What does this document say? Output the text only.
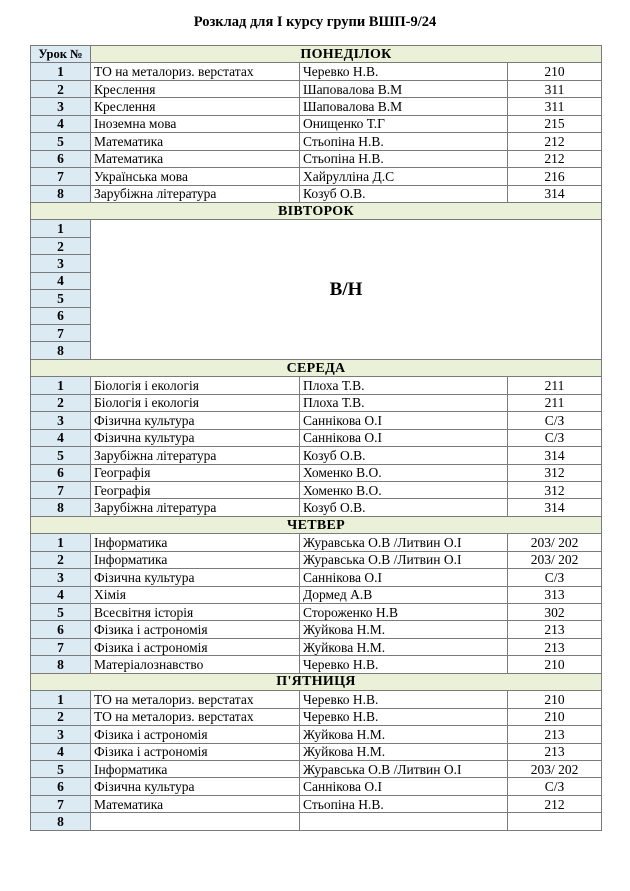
Розклад для І курсу групи ВШП-9/24
Урок №	ПОНЕДІЛОК		
1	ТО на металориз. верстатах	Черевко Н.В.	210
2	Креслення	Шаповалова В.М	311
3	Креслення	Шаповалова В.М	311
4	Іноземна мова	Онищенко Т.Г	215
5	Математика	Стьопіна Н.В.	212
6	Математика	Стьопіна Н.В.	212
7	Українська мова	Хайрулліна Д.С	216
8	Зарубіжна література	Козуб О.В.	314
ВІВТОРОК			
1	В/Н		
2			
3			
4			
5			
6			
7			
8			
СЕРЕДА			
1	Біологія і екологія	Плоха Т.В.	211
2	Біологія і екологія	Плоха Т.В.	211
3	Фізична культура	Саннікова О.І	С/З
4	Фізична культура	Саннікова О.І	С/З
5	Зарубіжна література	Козуб О.В.	314
6	Географія	Хоменко В.О.	312
7	Географія	Хоменко В.О.	312
8	Зарубіжна література	Козуб О.В.	314
ЧЕТВЕР			
1	Інформатика	Журавська О.В /Литвин О.І	203/ 202
2	Інформатика	Журавська О.В /Литвин О.І	203/ 202
3	Фізична культура	Саннікова О.І	С/З
4	Хімія	Дормед А.В	313
5	Всесвітня історія	Стороженко Н.В	302
6	Фізика і астрономія	Жуйкова Н.М.	213
7	Фізика і астрономія	Жуйкова Н.М.	213
8	Матеріалознавство	Черевко Н.В.	210
П'ЯТНИЦЯ			
1	ТО на металориз. верстатах	Черевко Н.В.	210
2	ТО на металориз. верстатах	Черевко Н.В.	210
3	Фізика і астрономія	Жуйкова Н.М.	213
4	Фізика і астрономія	Жуйкова Н.М.	213
5	Інформатика	Журавська О.В /Литвин О.І	203/ 202
6	Фізична культура	Саннікова О.І	С/З
7	Математика	Стьопіна Н.В.	212
8			
